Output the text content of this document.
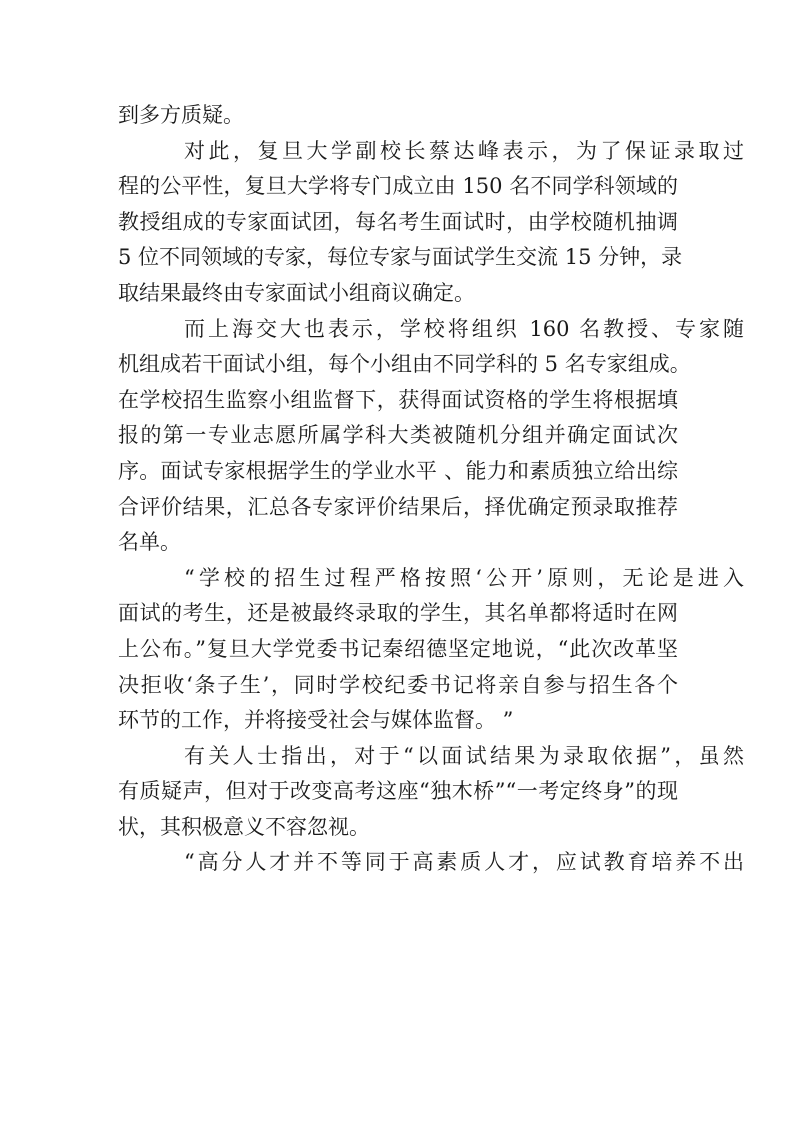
到多方质疑。
对此，复旦大学副校长蔡达峰表示，为了保证录取过
程的公平性，复旦大学将专门成立由 150 名不同学科领域的
教授组成的专家面试团，每名考生面试时，由学校随机抽调
5 位不同领域的专家，每位专家与面试学生交流 15 分钟，录
取结果最终由专家面试小组商议确定。
而上海交大也表示，学校将组织 160 名教授、专家随
机组成若干面试小组，每个小组由不同学科的 5 名专家组成。
在学校招生监察小组监督下，获得面试资格的学生将根据填
报的第一专业志愿所属学科大类被随机分组并确定面试次
序。面试专家根据学生的学业水平 、能力和素质独立给出综
合评价结果，汇总各专家评价结果后，择优确定预录取推荐
名单。
“学校的招生过程严格按照‘公开’原则，无论是进入
面试的考生，还是被最终录取的学生，其名单都将适时在网
上公布。”复旦大学党委书记秦绍德坚定地说，“此次改革坚
决拒收‘条子生’，同时学校纪委书记将亲自参与招生各个
环节的工作，并将接受社会与媒体监督。 ”
有关人士指出，对于“以面试结果为录取依据”，虽然
有质疑声，但对于改变高考这座“独木桥”“一考定终身”的现
状，其积极意义不容忽视。
“高分人才并不等同于高素质人才，应试教育培养不出
